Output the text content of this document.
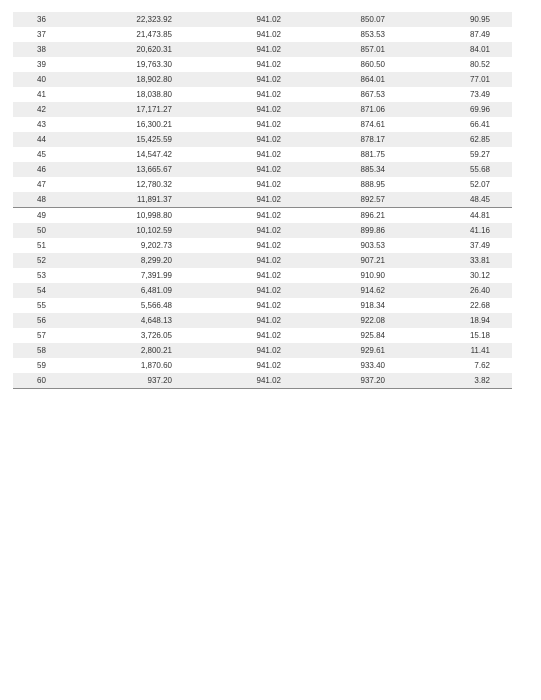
36	22,323.92	941.02	850.07	90.95
37	21,473.85	941.02	853.53	87.49
38	20,620.31	941.02	857.01	84.01
39	19,763.30	941.02	860.50	80.52
40	18,902.80	941.02	864.01	77.01
41	18,038.80	941.02	867.53	73.49
42	17,171.27	941.02	871.06	69.96
43	16,300.21	941.02	874.61	66.41
44	15,425.59	941.02	878.17	62.85
45	14,547.42	941.02	881.75	59.27
46	13,665.67	941.02	885.34	55.68
47	12,780.32	941.02	888.95	52.07
48	11,891.37	941.02	892.57	48.45
49	10,998.80	941.02	896.21	44.81
50	10,102.59	941.02	899.86	41.16
51	9,202.73	941.02	903.53	37.49
52	8,299.20	941.02	907.21	33.81
53	7,391.99	941.02	910.90	30.12
54	6,481.09	941.02	914.62	26.40
55	5,566.48	941.02	918.34	22.68
56	4,648.13	941.02	922.08	18.94
57	3,726.05	941.02	925.84	15.18
58	2,800.21	941.02	929.61	11.41
59	1,870.60	941.02	933.40	7.62
60	937.20	941.02	937.20	3.82
